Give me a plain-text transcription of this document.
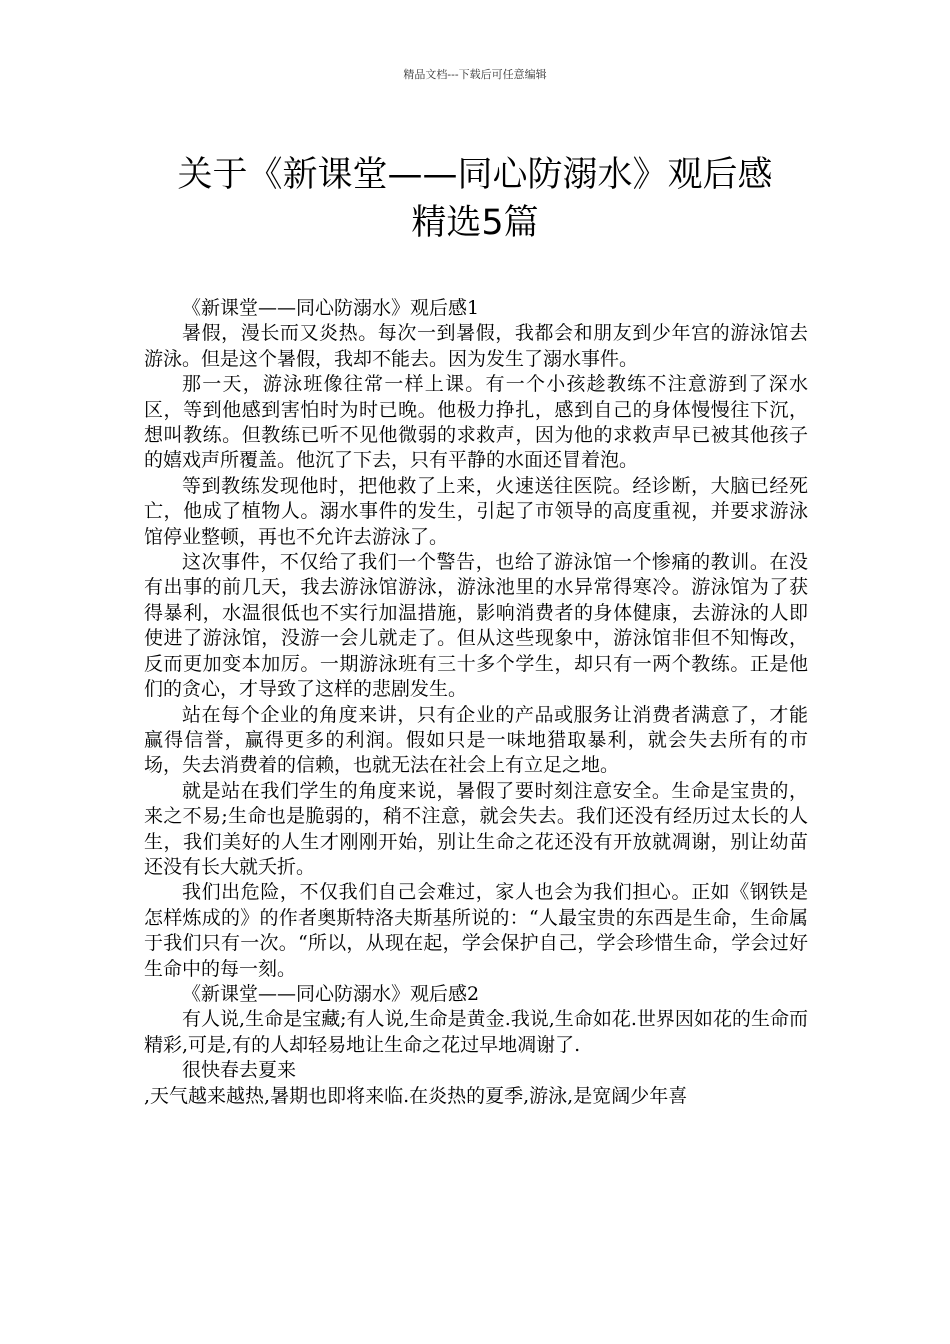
精品文档---下载后可任意编辑
关于《新课堂——同心防溺水》观后感
精选5篇

《新课堂——同心防溺水》观后感1

暑假，漫长而又炎热。每次一到暑假，我都会和朋友到少年宫的游泳馆去游泳。但是这个暑假，我却不能去。因为发生了溺水事件。

那一天，游泳班像往常一样上课。有一个小孩趁教练不注意游到了深水区，等到他感到害怕时为时已晚。他极力挣扎，感到自己的身体慢慢往下沉，想叫教练。但教练已听不见他微弱的求救声，因为他的求救声早已被其他孩子的嬉戏声所覆盖。他沉了下去，只有平静的水面还冒着泡。

等到教练发现他时，把他救了上来，火速送往医院。经诊断，大脑已经死亡，他成了植物人。溺水事件的发生，引起了市领导的高度重视，并要求游泳馆停业整顿，再也不允许去游泳了。

这次事件，不仅给了我们一个警告，也给了游泳馆一个惨痛的教训。在没有出事的前几天，我去游泳馆游泳，游泳池里的水异常得寒冷。游泳馆为了获得暴利，水温很低也不实行加温措施，影响消费者的身体健康，去游泳的人即使进了游泳馆，没游一会儿就走了。但从这些现象中，游泳馆非但不知悔改，反而更加变本加厉。一期游泳班有三十多个学生，却只有一两个教练。正是他们的贪心，才导致了这样的悲剧发生。

站在每个企业的角度来讲，只有企业的产品或服务让消费者满意了，才能赢得信誉，赢得更多的利润。假如只是一味地猎取暴利，就会失去所有的市场，失去消费着的信赖，也就无法在社会上有立足之地。

就是站在我们学生的角度来说，暑假了要时刻注意安全。生命是宝贵的，来之不易;生命也是脆弱的，稍不注意，就会失去。我们还没有经历过太长的人生，我们美好的人生才刚刚开始，别让生命之花还没有开放就凋谢，别让幼苗还没有长大就夭折。

我们出危险，不仅我们自己会难过，家人也会为我们担心。正如《钢铁是怎样炼成的》的作者奥斯特洛夫斯基所说的：“人最宝贵的东西是生命，生命属于我们只有一次。“所以，从现在起，学会保护自己，学会珍惜生命，学会过好生命中的每一刻。

《新课堂——同心防溺水》观后感2

有人说,生命是宝藏;有人说,生命是黄金.我说,生命如花.世界因如花的生命而精彩,可是,有的人却轻易地让生命之花过早地凋谢了.

很快春去夏来

,天气越来越热,暑期也即将来临.在炎热的夏季,游泳,是宽阔少年喜
